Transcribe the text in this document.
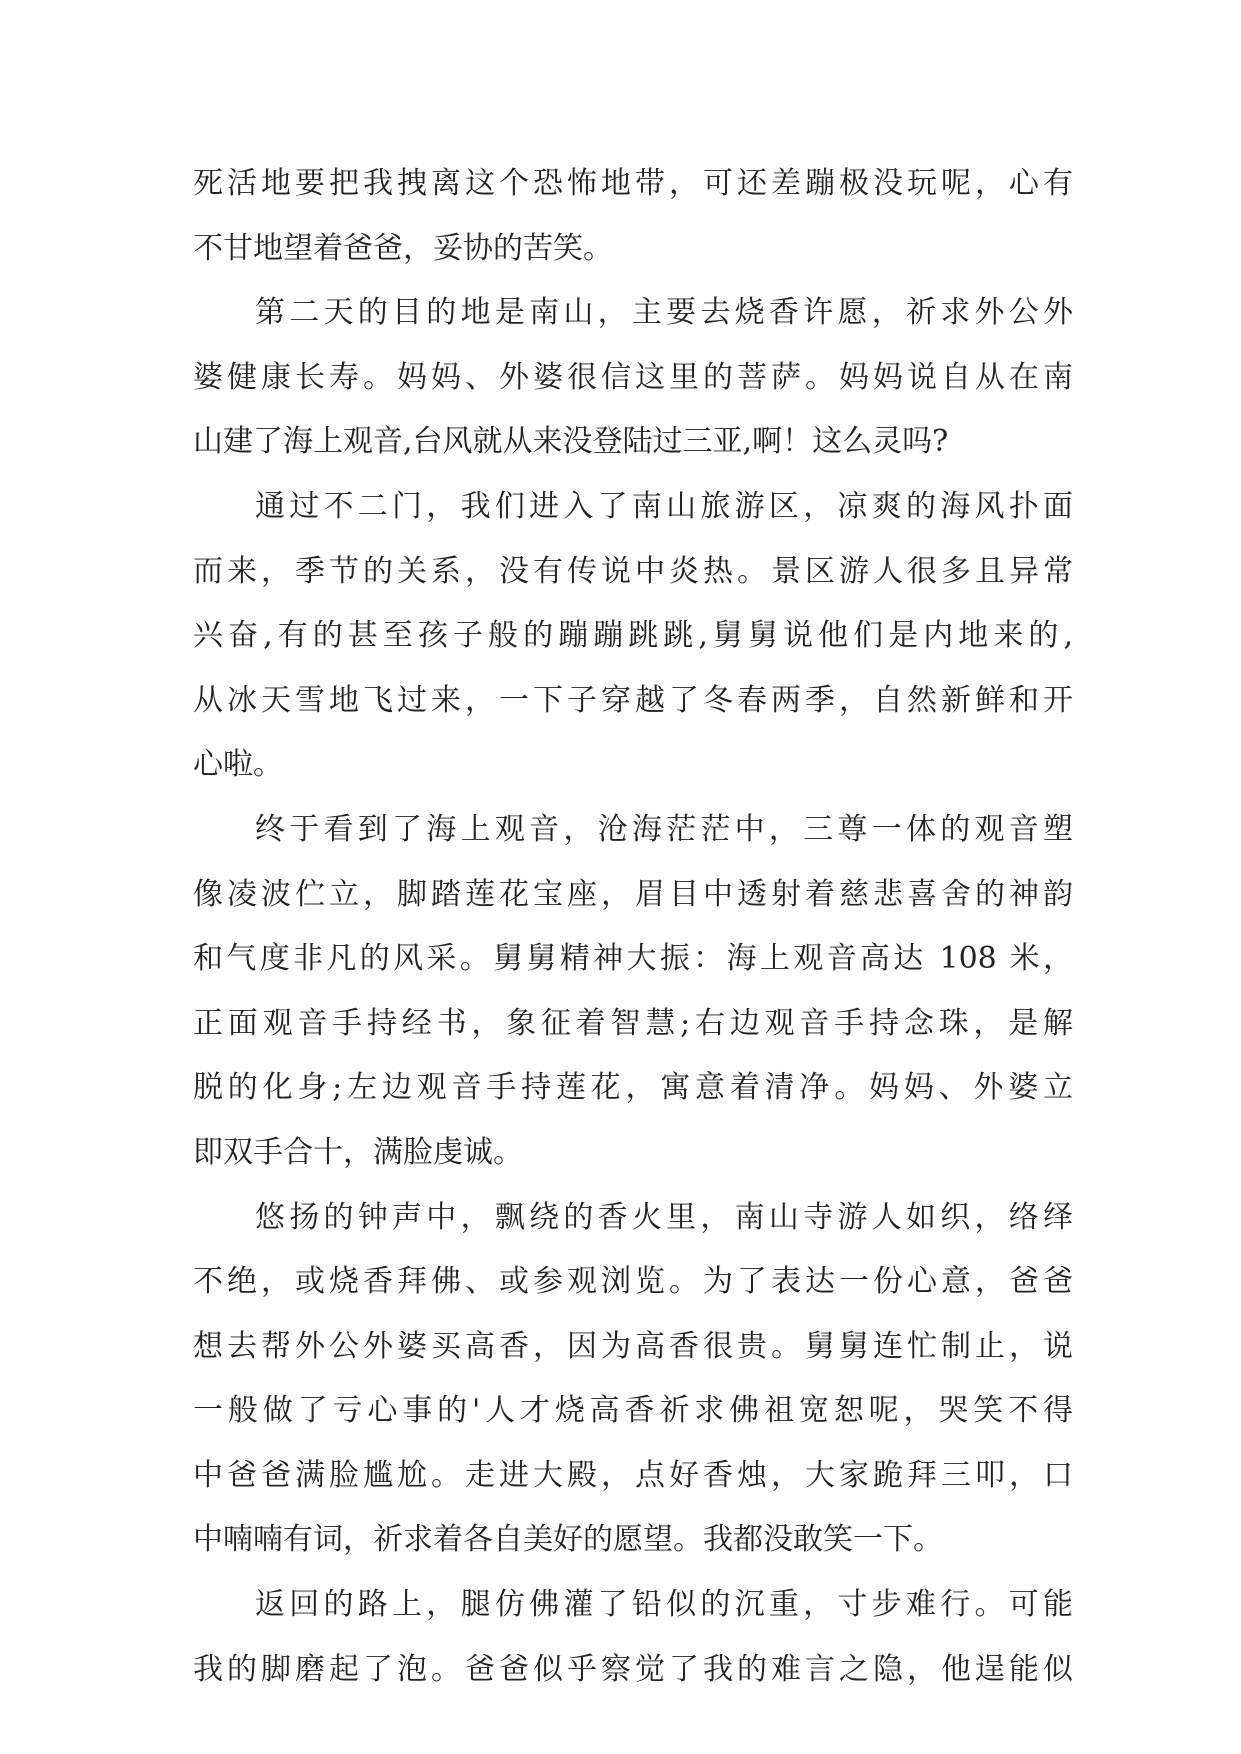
死活地要把我拽离这个恐怖地带，可还差蹦极没玩呢，心有
不甘地望着爸爸，妥协的苦笑。
第二天的目的地是南山，主要去烧香许愿，祈求外公外
婆健康长寿。妈妈、外婆很信这里的菩萨。妈妈说自从在南
山建了海上观音,台风就从来没登陆过三亚,啊！这么灵吗?
通过不二门，我们进入了南山旅游区，凉爽的海风扑面
而来，季节的关系，没有传说中炎热。景区游人很多且异常
兴奋,有的甚至孩子般的蹦蹦跳跳,舅舅说他们是内地来的,
从冰天雪地飞过来，一下子穿越了冬春两季，自然新鲜和开
心啦。
终于看到了海上观音，沧海茫茫中，三尊一体的观音塑
像凌波伫立，脚踏莲花宝座，眉目中透射着慈悲喜舍的神韵
和气度非凡的风采。舅舅精神大振：海上观音高达 108 米，
正面观音手持经书，象征着智慧;右边观音手持念珠，是解
脱的化身;左边观音手持莲花，寓意着清净。妈妈、外婆立
即双手合十，满脸虔诚。
悠扬的钟声中，飘绕的香火里，南山寺游人如织，络绎
不绝，或烧香拜佛、或参观浏览。为了表达一份心意，爸爸
想去帮外公外婆买高香，因为高香很贵。舅舅连忙制止，说
一般做了亏心事的'人才烧高香祈求佛祖宽恕呢，哭笑不得
中爸爸满脸尴尬。走进大殿，点好香烛，大家跪拜三叩，口
中喃喃有词，祈求着各自美好的愿望。我都没敢笑一下。
返回的路上，腿仿佛灌了铅似的沉重，寸步难行。可能
我的脚磨起了泡。爸爸似乎察觉了我的难言之隐，他逞能似
